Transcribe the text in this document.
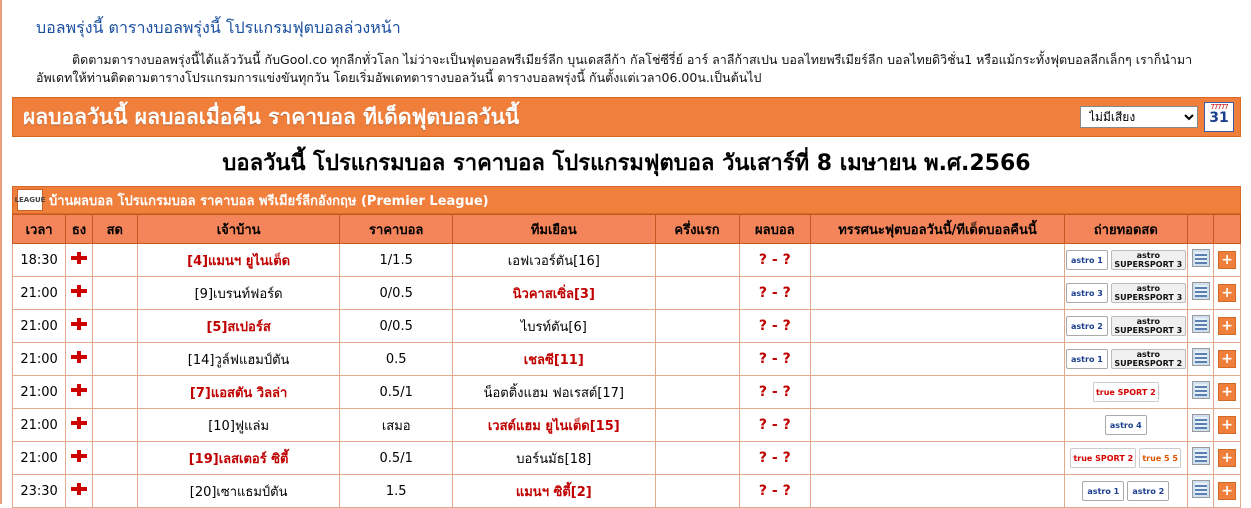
บอลพรุ่งนี้ ตารางบอลพรุ่งนี้ โปรแกรมฟุตบอลล่วงหน้า

ติดตามตารางบอลพรุ่งนี้ได้แล้ววันนี้ กับGool.co ทุกลีกทั่วโลก ไม่ว่าจะเป็นฟุตบอลพรีเมียร์ลีก บุนเดสลีก้า กัลโช่ซีรี่ย์ อาร์ ลาลีก้าสเปน บอลไทยพรีเมียร์ลีก บอลไทยดิวิชั่น1 หรือแม้กระทั้งฟุตบอลลีกเล็กๆ เราก็นำมาอัพเดทให้ท่านติดตามตารางโปรแกรมการแข่งขันทุกวัน โดยเริ่มอัพเดทตารางบอลวันนี้ ตารางบอลพรุ่งนี้ กันตั้งแต่เวลา06.00น.เป็นต้นไป

ผลบอลวันนี้ ผลบอลเมื่อคืน ราคาบอล ทีเด็ดฟุตบอลวันนี้
ไม่มีเสียง	77777
31
บอลวันนี้ โปรแกรมบอล ราคาบอล โปรแกรมฟุตบอล วันเสาร์ที่ 8 เมษายน พ.ศ.2566
LEAGUE บ้านผลบอล โปรแกรมบอล ราคาบอล พรีเมียร์ลีกอังกฤษ (Premier League)
เวลา	ธง	สด	เจ้าบ้าน	ราคาบอล	ทีมเยือน	ครึ่งแรก	ผลบอล	ทรรศนะฟุตบอลวันนี้/ทีเด็ดบอลคืนนี้	ถ่ายทอดสด		
18:30			[4]แมนฯ ยูไนเต็ด	1/1.5	เอฟเวอร์ตัน[16]		? - ?		astro 1 astro SUPERSPORT 3		+
21:00			[9]เบรนท์ฟอร์ด	0/0.5	นิวคาสเซิ่ล[3]		? - ?		astro 3 astro SUPERSPORT 3		+
21:00			[5]สเปอร์ส	0/0.5	ไบรท์ตัน[6]		? - ?		astro 2 astro SUPERSPORT 3		+
21:00			[14]วูล์ฟแฮมป์ตัน	0.5	เชลซี[11]		? - ?		astro 1 astro SUPERSPORT 2		+
21:00			[7]แอสตัน วิลล่า	0.5/1	น็อตติ้งแฮม ฟอเรสต์[17]		? - ?		true SPORT 2		+
21:00			[10]ฟูแล่ม	เสมอ	เวสต์แฮม ยูไนเต็ด[15]		? - ?		astro 4		+
21:00			[19]เลสเตอร์ ซิตี้	0.5/1	บอร์นมัธ[18]		? - ?		true SPORT 2 true 5 5		+
23:30			[20]เซาแธมป์ตัน	1.5	แมนฯ ซิตี้[2]		? - ?		astro 1 astro 2		+
